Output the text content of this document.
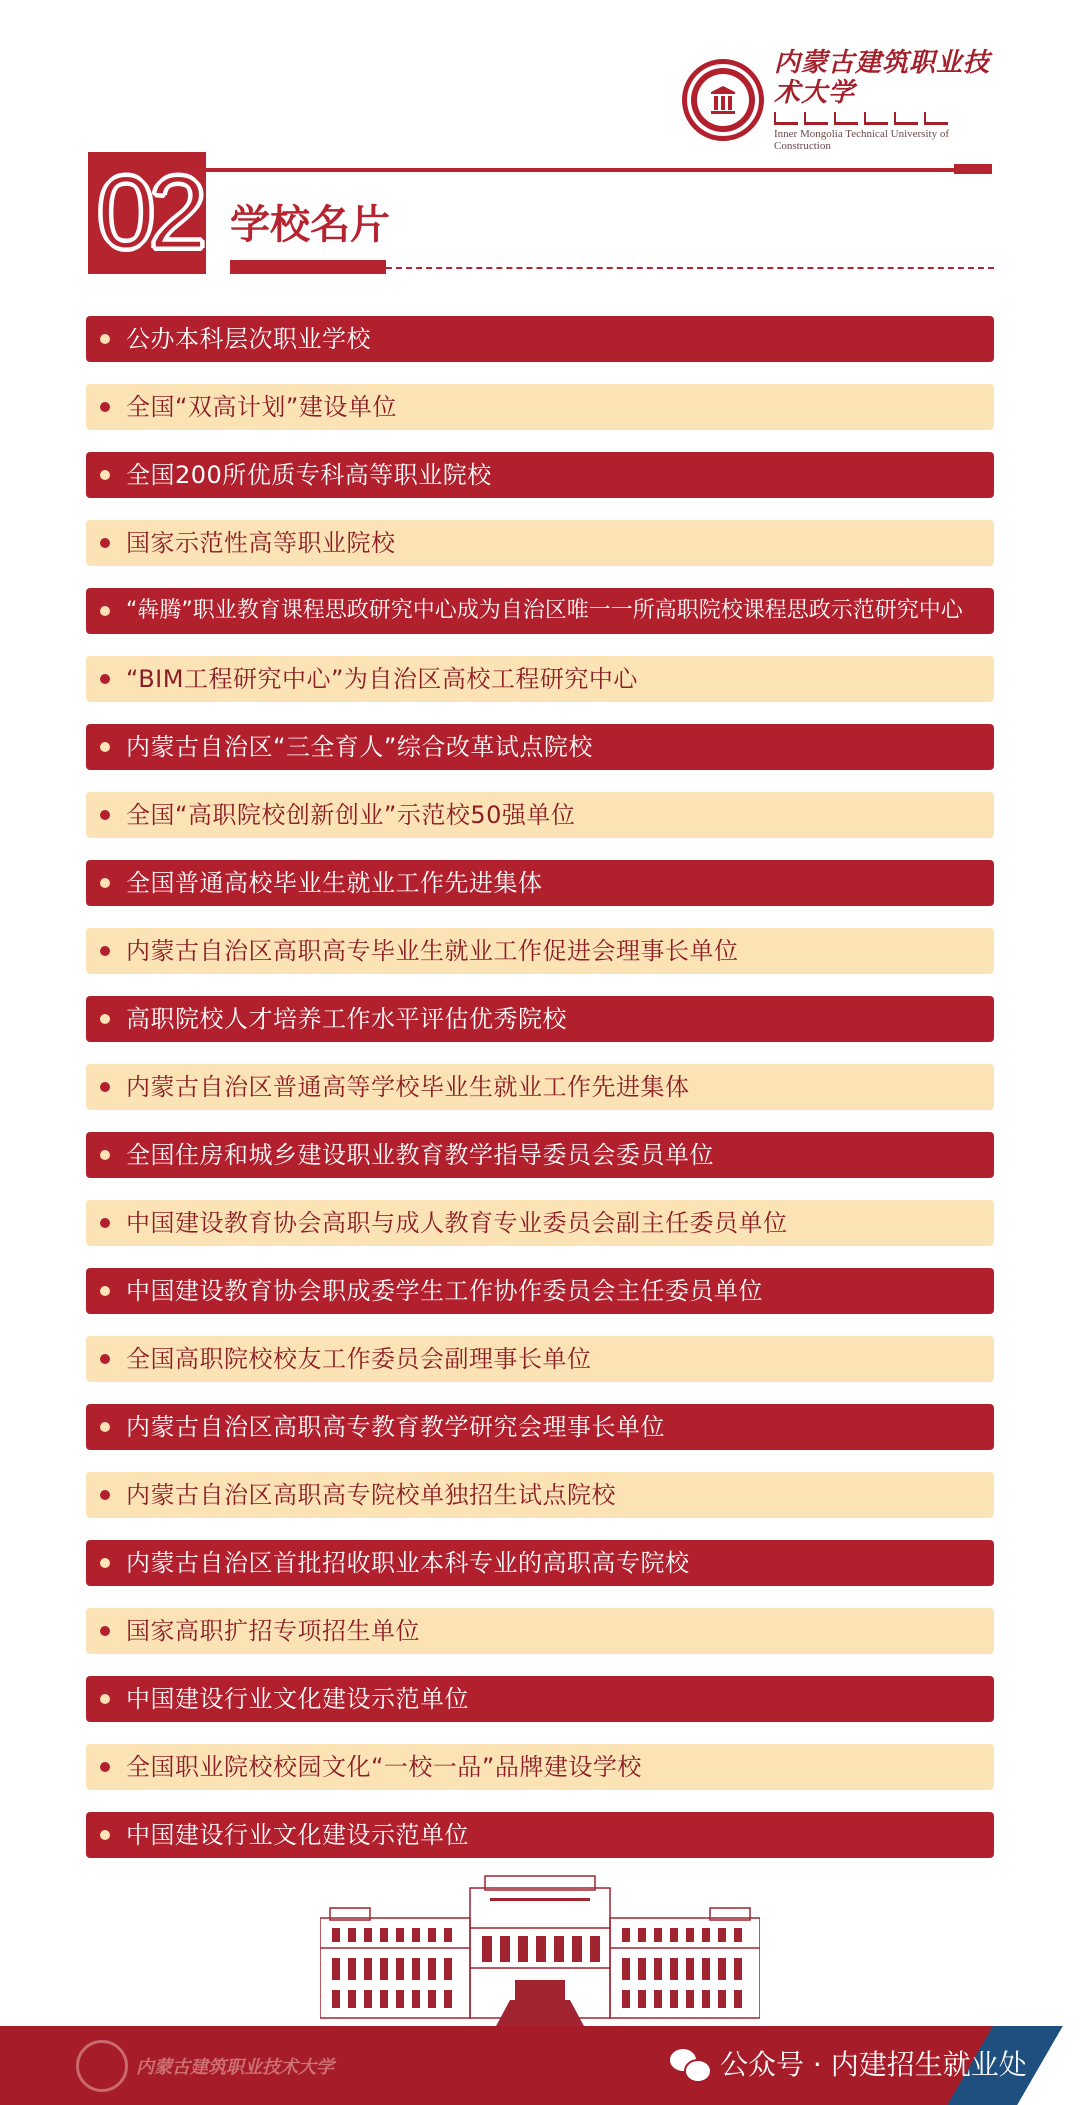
内蒙古建筑职业技术大学
Inner Mongolia Technical University of Construction
02 学校名片
公办本科层次职业学校
全国“双高计划”建设单位
全国200所优质专科高等职业院校
国家示范性高等职业院校
“犇腾”职业教育课程思政研究中心成为自治区唯一一所高职院校课程思政示范研究中心
“BIM工程研究中心”为自治区高校工程研究中心
内蒙古自治区“三全育人”综合改革试点院校
全国“高职院校创新创业”示范校50强单位
全国普通高校毕业生就业工作先进集体
内蒙古自治区高职高专毕业生就业工作促进会理事长单位
高职院校人才培养工作水平评估优秀院校
内蒙古自治区普通高等学校毕业生就业工作先进集体
全国住房和城乡建设职业教育教学指导委员会委员单位
中国建设教育协会高职与成人教育专业委员会副主任委员单位
中国建设教育协会职成委学生工作协作委员会主任委员单位
全国高职院校校友工作委员会副理事长单位
内蒙古自治区高职高专教育教学研究会理事长单位
内蒙古自治区高职高专院校单独招生试点院校
内蒙古自治区首批招收职业本科专业的高职高专院校
国家高职扩招专项招生单位
中国建设行业文化建设示范单位
全国职业院校校园文化“一校一品”品牌建设学校
中国建设行业文化建设示范单位
内蒙古建筑职业技术大学	公众号 · 内建招生就业处
